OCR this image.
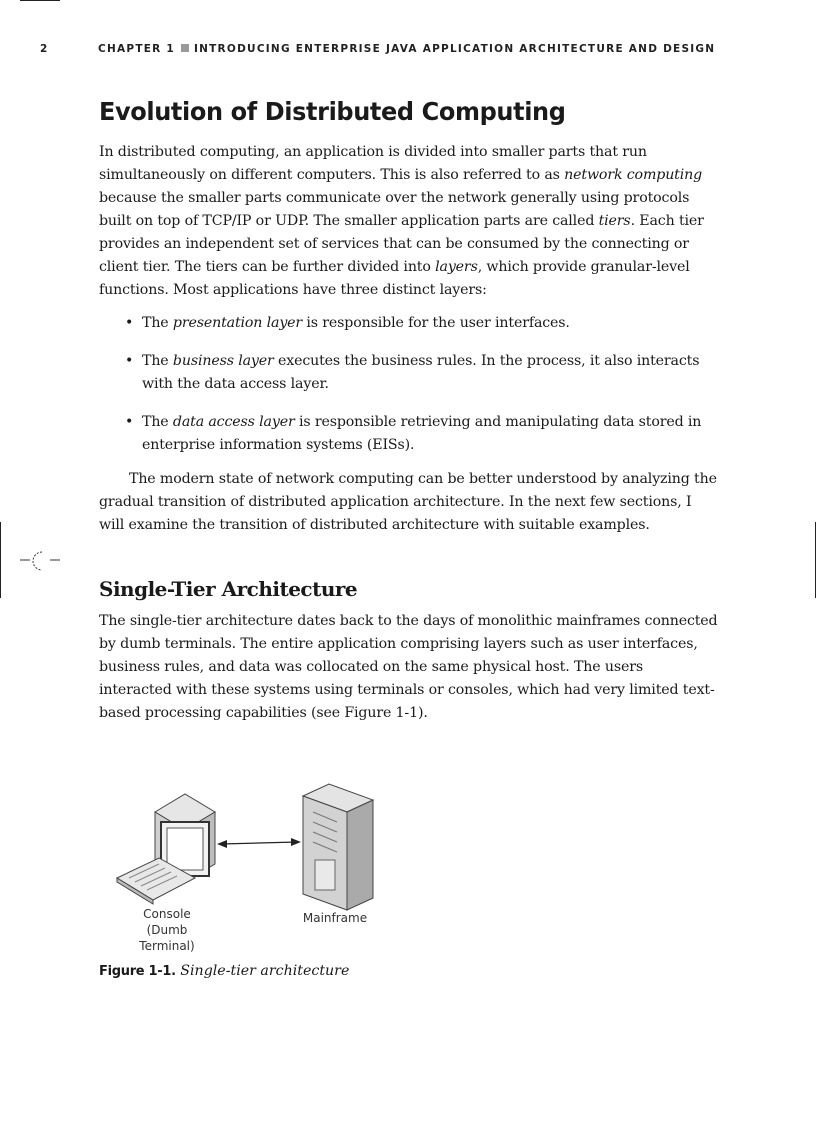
2	CHAPTER 1 INTRODUCING ENTERPRISE JAVA APPLICATION ARCHITECTURE AND DESIGN
Evolution of Distributed Computing

In distributed computing, an application is divided into smaller parts that run simultaneously on different computers. This is also referred to as network computing because the smaller parts communicate over the network generally using protocols built on top of TCP/IP or UDP. The smaller application parts are called tiers. Each tier provides an independent set of services that can be consumed by the connecting or client tier. The tiers can be further divided into layers, which provide granular-level functions. Most applications have three distinct layers:

• The presentation layer is responsible for the user interfaces.
• The business layer executes the business rules. In the process, it also interacts with the data access layer.
• The data access layer is responsible retrieving and manipulating data stored in enterprise information systems (EISs).

The modern state of network computing can be better understood by analyzing the gradual transition of distributed application architecture. In the next few sections, I will examine the transition of distributed architecture with suitable examples.

Single-Tier Architecture

The single-tier architecture dates back to the days of monolithic mainframes connected by dumb terminals. The entire application comprising layers such as user interfaces, business rules, and data was collocated on the same physical host. The users interacted with these systems using terminals or consoles, which had very limited text-based processing capabilities (see Figure 1-1).

Console
(Dumb Terminal)
Mainframe
Figure 1-1. Single-tier architecture
